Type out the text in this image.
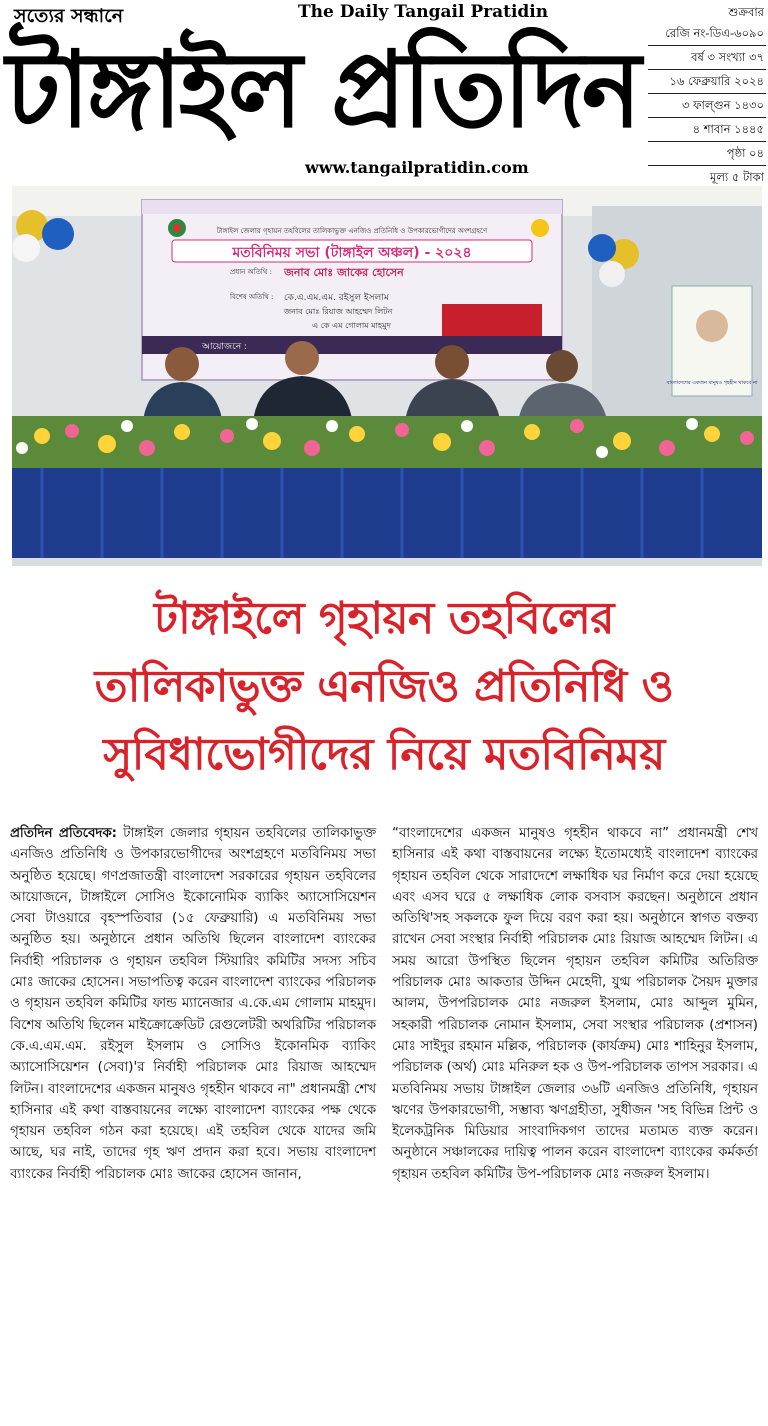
সত্যের সন্ধানে	The Daily Tangail Pratidin
টাঙ্গাইল প্রতিদিন
www.tangailpratidin.com
শুক্রবার
রেজি নং-ডিএ-৬০৯০
বর্ষ ৩ সংখ্যা ৩৭
১৬ ফেব্রুয়ারি ২০২৪
৩ ফাল্গুন ১৪৩০
৪ শাবান ১৪৪৫
পৃষ্ঠা ০৪
মূল্য ৫ টাকা
টাঙ্গাইল জেলার গৃহায়ন তহবিলের তালিকাভুক্ত এনজিও প্রতিনিধি ও উপকারভোগীদের অংশগ্রহণে
মতবিনিময় সভা (টাঙ্গাইল অঞ্চল) - ২০২৪
প্রধান অতিথি : জনাব মোঃ জাকের হোসেন
বিশেষ অতিথি : কে.এ.এম.এম. রইসুল ইসলাম
জনাব মোঃ রিয়াজ আহম্মেদ লিটন
এ কে এম গোলাম মাহমুদ
আয়োজনে :
বাংলাদেশের একজন মানুষও গৃহহীন থাকবে না
টাঙ্গাইলে গৃহায়ন তহবিলের
তালিকাভুক্ত এনজিও প্রতিনিধি ও
সুবিধাভোগীদের নিয়ে মতবিনিময়

প্রতিদিন প্রতিবেদক: টাঙ্গাইল জেলার গৃহায়ন তহবিলের তালিকাভুক্ত এনজিও প্রতিনিধি ও উপকারভোগীদের অংশগ্রহণে মতবিনিময় সভা অনুষ্ঠিত হয়েছে। গণপ্রজাতন্ত্রী বাংলাদেশ সরকারের গৃহায়ন তহবিলের আয়োজনে, টাঙ্গাইলে সোসিও ইকোনোমিক ব্যাকিং অ্যাসোসিয়েশন সেবা টাওয়ারে বৃহস্পতিবার (১৫ ফেব্রুয়ারি) এ মতবিনিময় সভা অনুষ্ঠিত হয়। অনুষ্ঠানে প্রধান অতিথি ছিলেন বাংলাদেশ ব্যাংকের নির্বাহী পরিচালক ও গৃহায়ন তহবিল স্টিয়ারিং কমিটির সদস্য সচিব মোঃ জাকের হোসেন। সভাপতিত্ব করেন বাংলাদেশ ব্যাংকের পরিচালক ও গৃহায়ন তহবিল কমিটির ফান্ড ম্যানেজার এ.কে.এম গোলাম মাহমুদ। বিশেষ অতিথি ছিলেন মাইক্রোক্রেডিট রেগুলেটরী অথরিটির পরিচালক কে.এ.এম.এম. রইসুল ইসলাম ও সোসিও ইকোনমিক ব্যাকিং অ্যাসোসিয়েশন (সেবা)'র নির্বাহী পরিচালক মোঃ রিয়াজ আহম্মেদ লিটন। বাংলাদেশের একজন মানুষও গৃহহীন থাকবে না" প্রধানমন্ত্রী শেখ হাসিনার এই কথা বাস্তবায়নের লক্ষ্যে বাংলাদেশ ব্যাংকের পক্ষ থেকে গৃহায়ন তহবিল গঠন করা হয়েছে। এই তহবিল থেকে যাদের জমি আছে, ঘর নাই, তাদের গৃহ ঋণ প্রদান করা হবে। সভায় বাংলাদেশ ব্যাংকের নির্বাহী পরিচালক মোঃ জাকের হোসেন জানান,

“বাংলাদেশের একজন মানুষও গৃহহীন থাকবে না” প্রধানমন্ত্রী শেখ হাসিনার এই কথা বাস্তবায়নের লক্ষ্যে ইতোমধ্যেই বাংলাদেশ ব্যাংকের গৃহায়ন তহবিল থেকে সারাদেশে লক্ষাধিক ঘর নির্মাণ করে দেয়া হয়েছে এবং এসব ঘরে ৫ লক্ষাধিক লোক বসবাস করছেন। অনুষ্ঠানে প্রধান অতিথি'সহ সকলকে ফুল দিয়ে বরণ করা হয়। অনুষ্ঠানে স্বাগত বক্তব্য রাখেন সেবা সংস্থার নির্বাহী পরিচালক মোঃ রিয়াজ আহম্মেদ লিটন। এ সময় আরো উপস্থিত ছিলেন গৃহায়ন তহবিল কমিটির অতিরিক্ত পরিচালক মোঃ আকতার উদ্দিন মেহেদী, যুগ্ম পরিচালক সৈয়দ মুক্তার আলম, উপপরিচালক মোঃ নজরুল ইসলাম, মোঃ আব্দুল মুমিন, সহকারী পরিচালক নোমান ইসলাম, সেবা সংস্থার পরিচালক (প্রশাসন) মোঃ সাইদুর রহমান মল্লিক, পরিচালক (কার্যক্রম) মোঃ শাহিনুর ইসলাম, পরিচালক (অর্থ) মোঃ মনিরুল হক ও উপ-পরিচালক তাপস সরকার। এ মতবিনিময় সভায় টাঙ্গাইল জেলার ৩৬টি এনজিও প্রতিনিধি, গৃহায়ন ঋণের উপকারভোগী, সম্ভাব্য ঋণগ্রহীতা, সুধীজন 'সহ বিভিন্ন প্রিন্ট ও ইলেকট্রনিক মিডিয়ার সাংবাদিকগণ তাদের মতামত ব্যক্ত করেন। অনুষ্ঠানে সঞ্চালকের দায়িত্ব পালন করেন বাংলাদেশ ব্যাংকের কর্মকর্তা গৃহায়ন তহবিল কমিটির উপ-পরিচালক মোঃ নজরুল ইসলাম।
